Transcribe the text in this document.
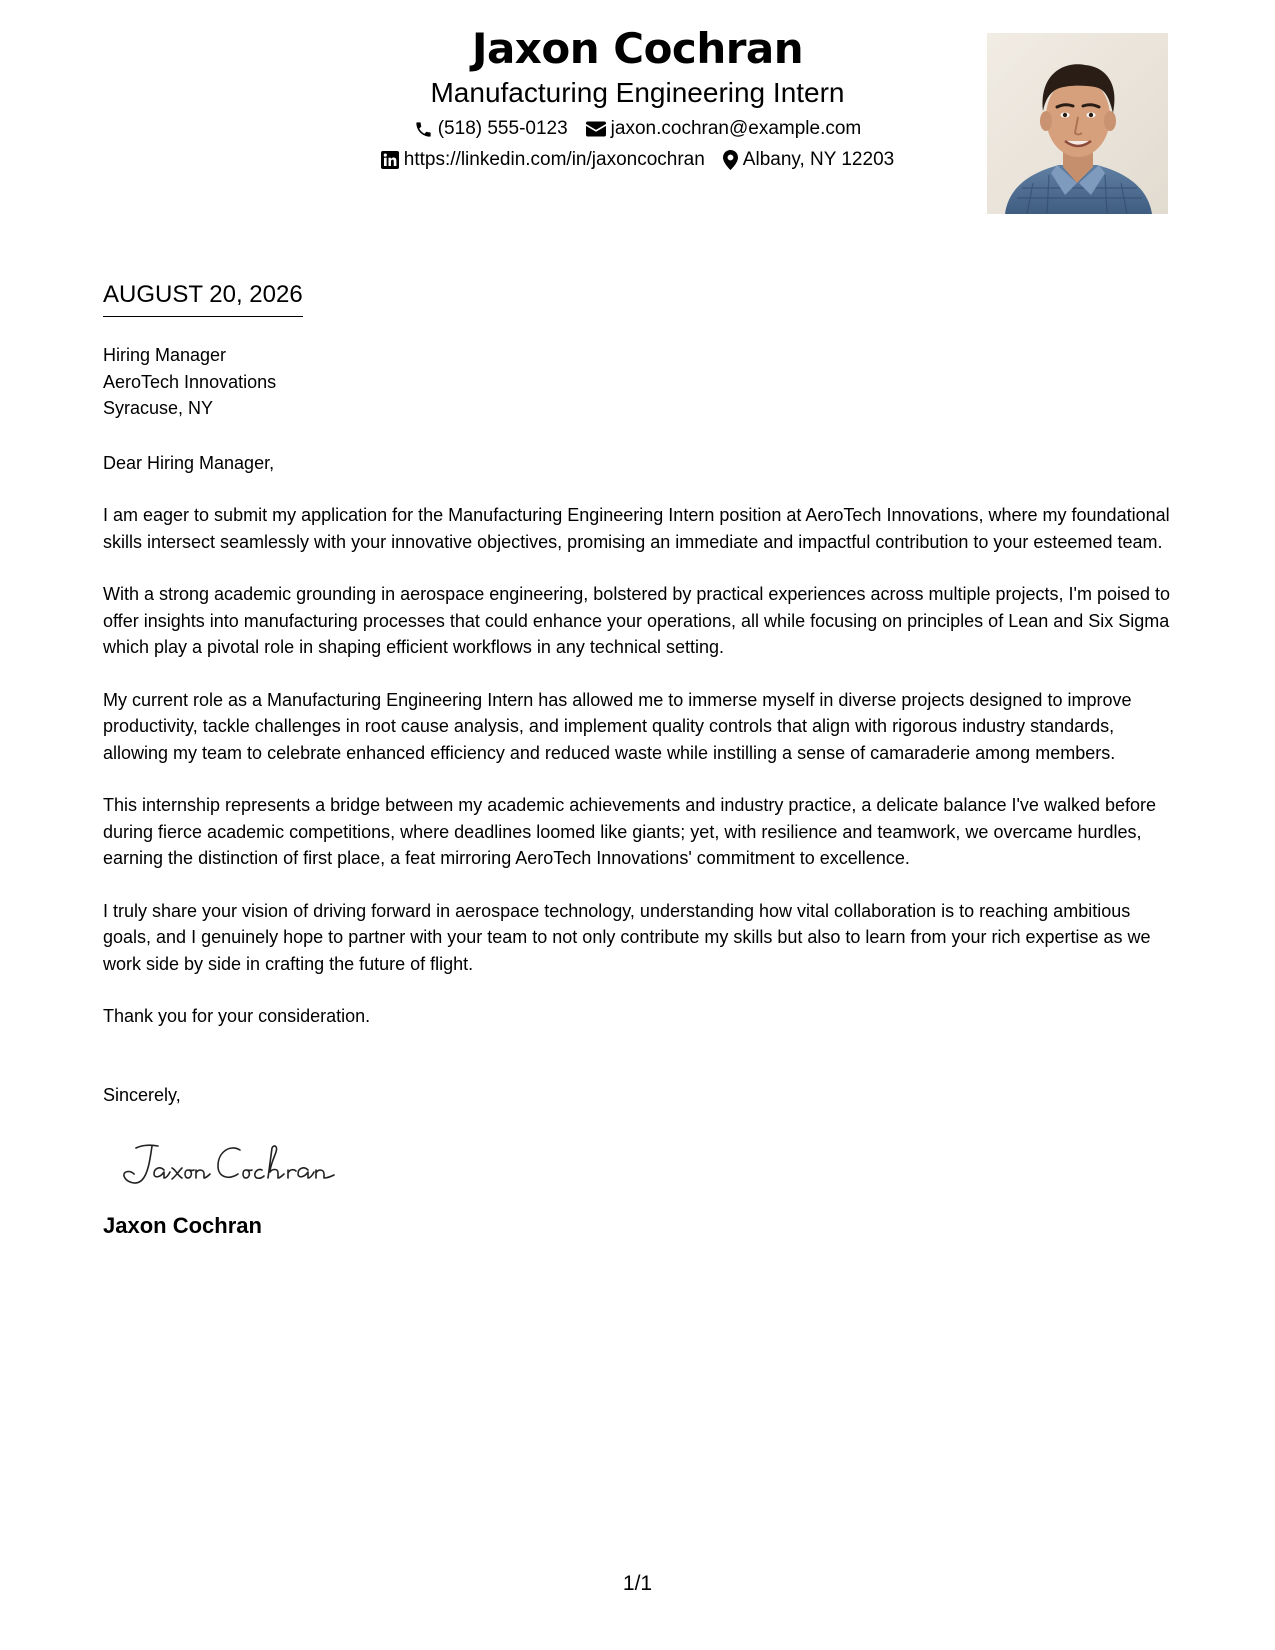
Jaxon Cochran
Manufacturing Engineering Intern
(518) 555-0123 jaxon.cochran@example.com
https://linkedin.com/in/jaxoncochran Albany, NY 12203
AUGUST 20, 2026
Hiring Manager
AeroTech Innovations
Syracuse, NY
Dear Hiring Manager,

I am eager to submit my application for the Manufacturing Engineering Intern position at AeroTech Innovations, where my foundational skills intersect seamlessly with your innovative objectives, promising an immediate and impactful contribution to your esteemed team.

With a strong academic grounding in aerospace engineering, bolstered by practical experiences across multiple projects, I'm poised to offer insights into manufacturing processes that could enhance your operations, all while focusing on principles of Lean and Six Sigma which play a pivotal role in shaping efficient workflows in any technical setting.

My current role as a Manufacturing Engineering Intern has allowed me to immerse myself in diverse projects designed to improve productivity, tackle challenges in root cause analysis, and implement quality controls that align with rigorous industry standards, allowing my team to celebrate enhanced efficiency and reduced waste while instilling a sense of camaraderie among members.

This internship represents a bridge between my academic achievements and industry practice, a delicate balance I've walked before during fierce academic competitions, where deadlines loomed like giants; yet, with resilience and teamwork, we overcame hurdles, earning the distinction of first place, a feat mirroring AeroTech Innovations' commitment to excellence.

I truly share your vision of driving forward in aerospace technology, understanding how vital collaboration is to reaching ambitious goals, and I genuinely hope to partner with your team to not only contribute my skills but also to learn from your rich expertise as we work side by side in crafting the future of flight.

Thank you for your consideration.

Sincerely,
Jaxon Cochran
1/1
